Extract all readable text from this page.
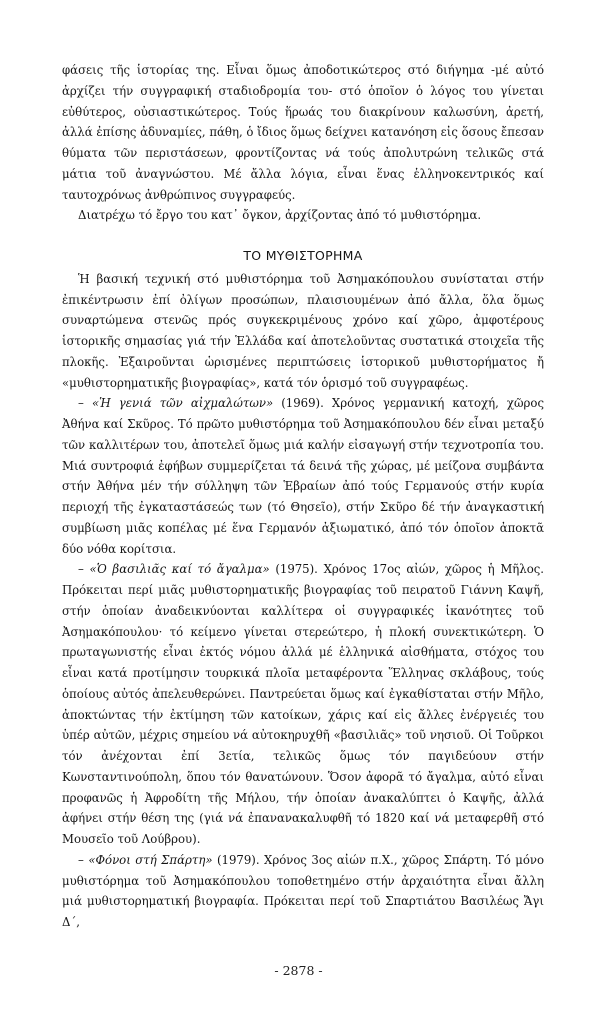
φάσεις τῆς ἱστορίας της. Εἶναι ὅμως ἀποδοτικώτερος στό διήγημα -μέ αὐτό ἀρχίζει τήν συγγραφική σταδιοδρομία του- στό ὁποῖον ὁ λόγος του γίνεται εὐθύτερος, οὐσιαστικώτερος. Τούς ἥρωάς του διακρίνουν καλωσύνη, ἀρετή, ἀλλά ἐπίσης ἀδυναμίες, πάθη, ὁ ἴδιος ὅμως δείχνει κατανόηση εἰς ὅσους ἔπεσαν θύματα τῶν περιστάσεων, φροντίζοντας νά τούς ἀπολυτρώνη τελικῶς στά μάτια τοῦ ἀναγνώστου. Μέ ἄλλα λόγια, εἶναι ἕνας ἑλληνοκεντρικός καί ταυτοχρόνως ἀνθρώπινος συγγραφεύς.

Διατρέχω τό ἔργο του κατ᾽ ὄγκον, ἀρχίζοντας ἀπό τό μυθιστόρημα.

ΤΟ ΜΥΘΙΣΤΟΡΗΜΑ

Ἡ βασική τεχνική στό μυθιστόρημα τοῦ Ἀσημακόπουλου συνίσταται στήν ἐπικέντρωσιν ἐπί ὀλίγων προσώπων, πλαισιουμένων ἀπό ἄλλα, ὅλα ὅμως συναρτώμενα στενῶς πρός συγκεκριμένους χρόνο καί χῶρο, ἀμφοτέρους ἱστορικῆς σημασίας γιά τήν Ἑλλάδα καί ἀποτελοῦντας συστατικά στοιχεῖα τῆς πλοκῆς. Ἐξαιροῦνται ὡρισμένες περιπτώσεις ἱστορικοῦ μυθιστορήματος ἤ «μυθιστορηματικῆς βιογραφίας», κατά τόν ὁρισμό τοῦ συγγραφέως.

– «Ἡ γενιά τῶν αἰχμαλώτων» (1969). Χρόνος γερμανική κατοχή, χῶρος Ἀθήνα καί Σκῦρος. Τό πρῶτο μυθιστόρημα τοῦ Ἀσημακόπουλου δέν εἶναι μεταξύ τῶν καλλιτέρων του, ἀποτελεῖ ὅμως μιά καλήν εἰσαγωγή στήν τεχνοτροπία του. Μιά συντροφιά ἐφήβων συμμερίζεται τά δεινά τῆς χώρας, μέ μείζονα συμβάντα στήν Ἀθήνα μέν τήν σύλληψη τῶν Ἑβραίων ἀπό τούς Γερμανούς στήν κυρία περιοχή τῆς ἐγκαταστάσεώς των (τό Θησεῖο), στήν Σκῦρο δέ τήν ἀναγκαστική συμβίωση μιᾶς κοπέλας μέ ἕνα Γερμανόν ἀξιωματικό, ἀπό τόν ὁποῖον ἀποκτᾶ δύο νόθα κορίτσια.

– «Ὁ βασιλιᾶς καί τό ἄγαλμα» (1975). Χρόνος 17ος αἰών, χῶρος ἡ Μῆλος. Πρόκειται περί μιᾶς μυθιστορηματικῆς βιογραφίας τοῦ πειρατοῦ Γιάννη Καψῆ, στήν ὁποίαν ἀναδεικνύονται καλλίτερα οἱ συγγραφικές ἱκανότητες τοῦ Ἀσημακόπουλου· τό κείμενο γίνεται στερεώτερο, ἡ πλοκή συνεκτικώτερη. Ὁ πρωταγωνιστής εἶναι ἐκτός νόμου ἀλλά μέ ἑλληνικά αἰσθήματα, στόχος του εἶναι κατά προτίμησιν τουρκικά πλοῖα μεταφέροντα Ἕλληνας σκλάβους, τούς ὁποίους αὐτός ἀπελευθερώνει. Παντρεύεται ὅμως καί ἐγκαθίσταται στήν Μῆλο, ἀποκτώντας τήν ἐκτίμηση τῶν κατοίκων, χάρις καί εἰς ἄλλες ἐνέργειές του ὑπέρ αὐτῶν, μέχρις σημείου νά αὐτοκηρυχθῆ «βασιλιᾶς» τοῦ νησιοῦ. Οἱ Τοῦρκοι τόν ἀνέχονται ἐπί 3ετία, τελικῶς ὅμως τόν παγιδεύουν στήν Κωνσταντινούπολη, ὅπου τόν θανατώνουν. Ὅσον ἀφορᾶ τό ἄγαλμα, αὐτό εἶναι προφανῶς ἡ Ἀφροδίτη τῆς Μήλου, τήν ὁποίαν ἀνακαλύπτει ὁ Καψῆς, ἀλλά ἀφήνει στήν θέση της (γιά νά ἐπανανακαλυφθῆ τό 1820 καί νά μεταφερθῆ στό Μουσεῖο τοῦ Λούβρου).

– «Φόνοι στή Σπάρτη» (1979). Χρόνος 3ος αἰών π.Χ., χῶρος Σπάρτη. Τό μόνο μυθιστόρημα τοῦ Ἀσημακόπουλου τοποθετημένο στήν ἀρχαιότητα εἶναι ἄλλη μιά μυθιστορηματική βιογραφία. Πρόκειται περί τοῦ Σπαρτιάτου Βασιλέως Ἄγι Δ´,

- 2878 -
